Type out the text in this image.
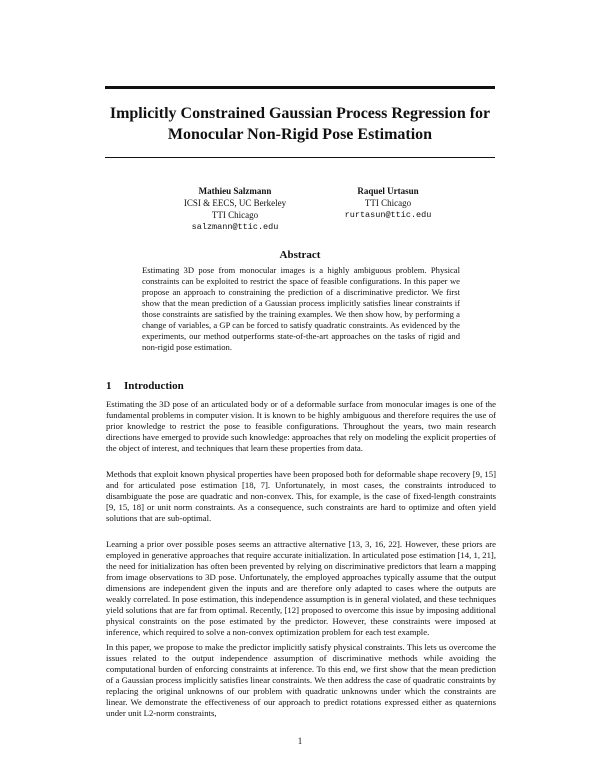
Implicitly Constrained Gaussian Process Regression for Monocular Non-Rigid Pose Estimation
Mathieu Salzmann
ICSI & EECS, UC Berkeley
TTI Chicago
salzmann@ttic.edu
Raquel Urtasun
TTI Chicago
rurtasun@ttic.edu
Abstract
Estimating 3D pose from monocular images is a highly ambiguous problem. Physical constraints can be exploited to restrict the space of feasible configurations. In this paper we propose an approach to constraining the prediction of a discriminative predictor. We first show that the mean prediction of a Gaussian process implicitly satisfies linear constraints if those constraints are satisfied by the training examples. We then show how, by performing a change of variables, a GP can be forced to satisfy quadratic constraints. As evidenced by the experiments, our method outperforms state-of-the-art approaches on the tasks of rigid and non-rigid pose estimation.
1 Introduction
Estimating the 3D pose of an articulated body or of a deformable surface from monocular images is one of the fundamental problems in computer vision. It is known to be highly ambiguous and therefore requires the use of prior knowledge to restrict the pose to feasible configurations. Throughout the years, two main research directions have emerged to provide such knowledge: approaches that rely on modeling the explicit properties of the object of interest, and techniques that learn these properties from data.
Methods that exploit known physical properties have been proposed both for deformable shape recovery [9, 15] and for articulated pose estimation [18, 7]. Unfortunately, in most cases, the constraints introduced to disambiguate the pose are quadratic and non-convex. This, for example, is the case of fixed-length constraints [9, 15, 18] or unit norm constraints. As a consequence, such constraints are hard to optimize and often yield solutions that are sub-optimal.
Learning a prior over possible poses seems an attractive alternative [13, 3, 16, 22]. However, these priors are employed in generative approaches that require accurate initialization. In articulated pose estimation [14, 1, 21], the need for initialization has often been prevented by relying on discriminative predictors that learn a mapping from image observations to 3D pose. Unfortunately, the employed approaches typically assume that the output dimensions are independent given the inputs and are therefore only adapted to cases where the outputs are weakly correlated. In pose estimation, this independence assumption is in general violated, and these techniques yield solutions that are far from optimal. Recently, [12] proposed to overcome this issue by imposing additional physical constraints on the pose estimated by the predictor. However, these constraints were imposed at inference, which required to solve a non-convex optimization problem for each test example.
In this paper, we propose to make the predictor implicitly satisfy physical constraints. This lets us overcome the issues related to the output independence assumption of discriminative methods while avoiding the computational burden of enforcing constraints at inference. To this end, we first show that the mean prediction of a Gaussian process implicitly satisfies linear constraints. We then address the case of quadratic constraints by replacing the original unknowns of our problem with quadratic unknowns under which the constraints are linear. We demonstrate the effectiveness of our approach to predict rotations expressed either as quaternions under unit L2-norm constraints,
1
